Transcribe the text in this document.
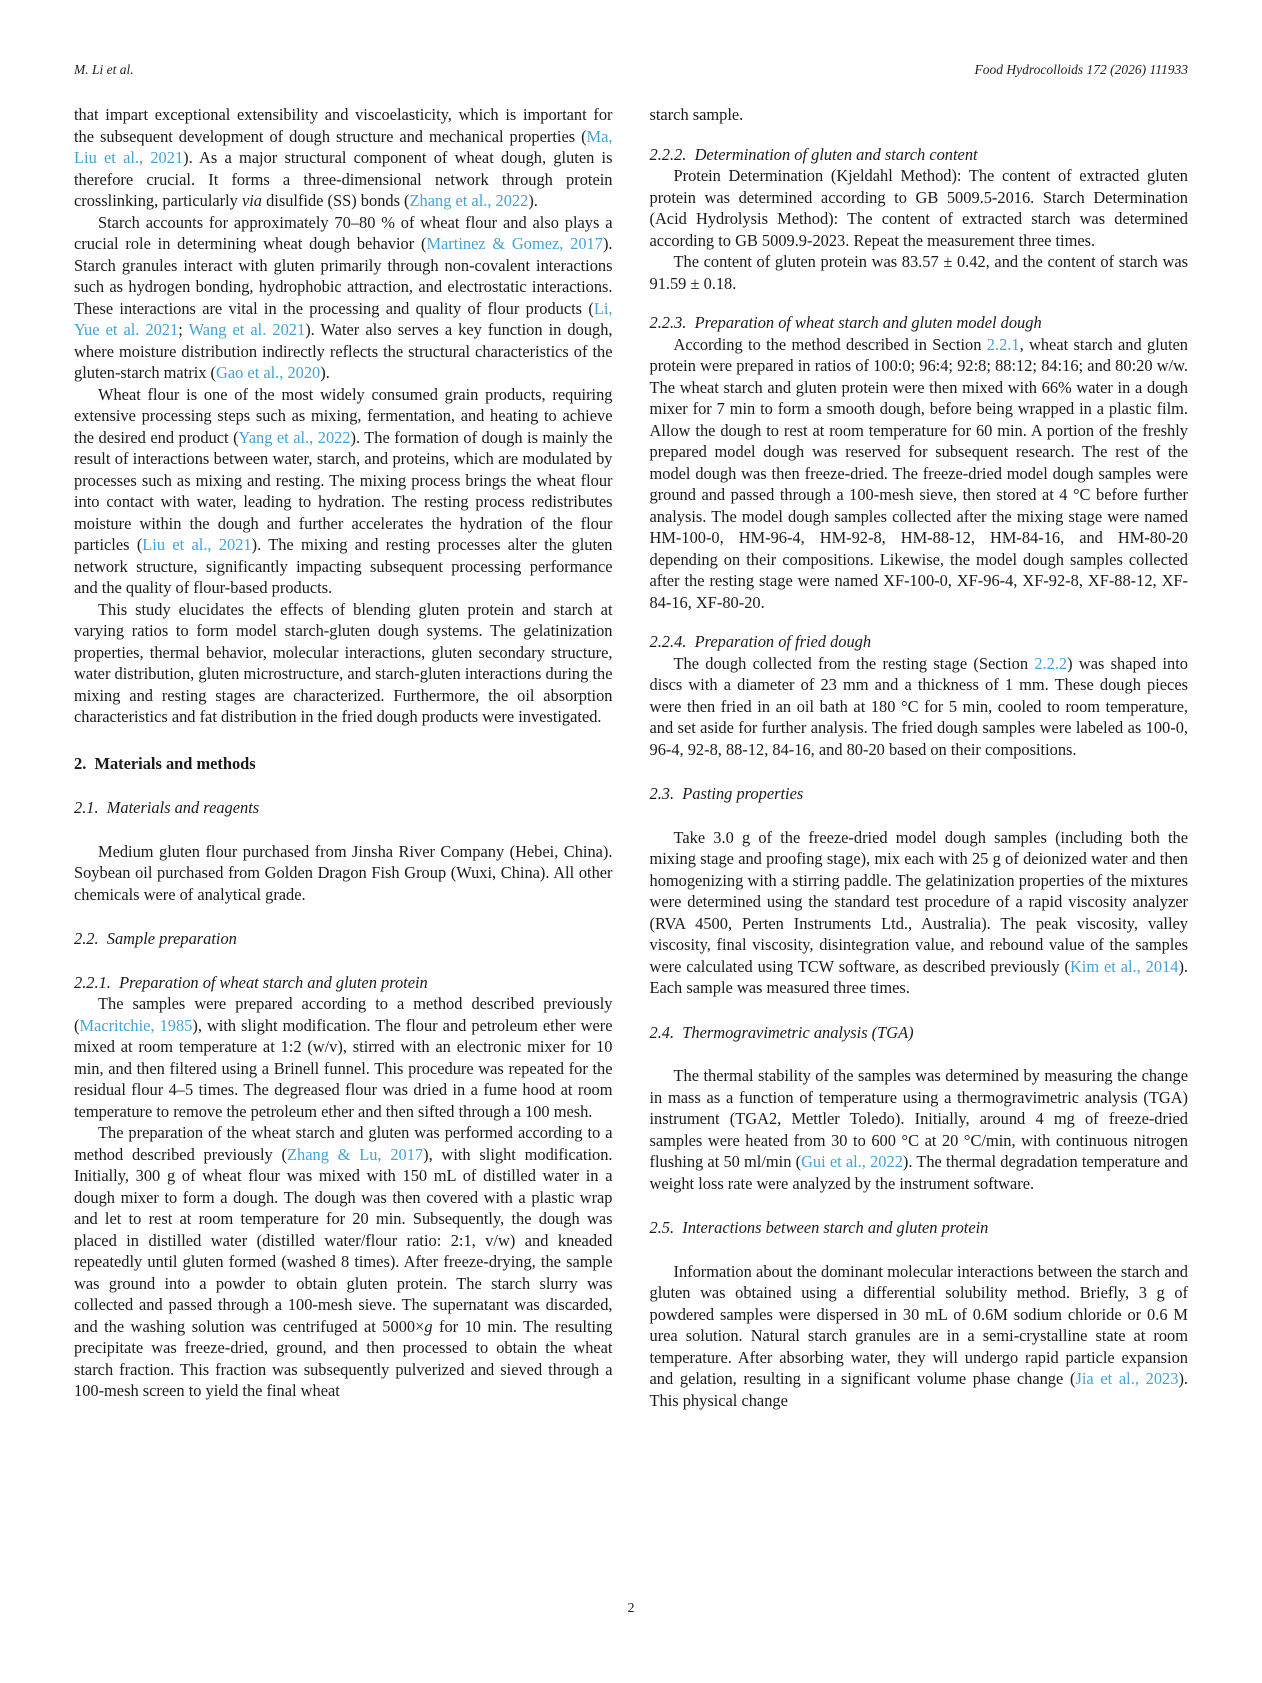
M. Li et al.	Food Hydrocolloids 172 (2026) 111933
that impart exceptional extensibility and viscoelasticity, which is important for the subsequent development of dough structure and mechanical properties (Ma, Liu et al., 2021). As a major structural component of wheat dough, gluten is therefore crucial. It forms a three-dimensional network through protein crosslinking, particularly via disulfide (SS) bonds (Zhang et al., 2022).
Starch accounts for approximately 70–80 % of wheat flour and also plays a crucial role in determining wheat dough behavior (Martinez & Gomez, 2017). Starch granules interact with gluten primarily through non-covalent interactions such as hydrogen bonding, hydrophobic attraction, and electrostatic interactions. These interactions are vital in the processing and quality of flour products (Li, Yue et al. 2021; Wang et al. 2021). Water also serves a key function in dough, where moisture distribution indirectly reflects the structural characteristics of the gluten-starch matrix (Gao et al., 2020).
Wheat flour is one of the most widely consumed grain products, requiring extensive processing steps such as mixing, fermentation, and heating to achieve the desired end product (Yang et al., 2022). The formation of dough is mainly the result of interactions between water, starch, and proteins, which are modulated by processes such as mixing and resting. The mixing process brings the wheat flour into contact with water, leading to hydration. The resting process redistributes moisture within the dough and further accelerates the hydration of the flour particles (Liu et al., 2021). The mixing and resting processes alter the gluten network structure, significantly impacting subsequent processing performance and the quality of flour-based products.
This study elucidates the effects of blending gluten protein and starch at varying ratios to form model starch-gluten dough systems. The gelatinization properties, thermal behavior, molecular interactions, gluten secondary structure, water distribution, gluten microstructure, and starch-gluten interactions during the mixing and resting stages are characterized. Furthermore, the oil absorption characteristics and fat distribution in the fried dough products were investigated.
2.  Materials and methods
2.1.  Materials and reagents
Medium gluten flour purchased from Jinsha River Company (Hebei, China). Soybean oil purchased from Golden Dragon Fish Group (Wuxi, China). All other chemicals were of analytical grade.
2.2.  Sample preparation
2.2.1.  Preparation of wheat starch and gluten protein
The samples were prepared according to a method described previously (Macritchie, 1985), with slight modification. The flour and petroleum ether were mixed at room temperature at 1:2 (w/v), stirred with an electronic mixer for 10 min, and then filtered using a Brinell funnel. This procedure was repeated for the residual flour 4–5 times. The degreased flour was dried in a fume hood at room temperature to remove the petroleum ether and then sifted through a 100 mesh.
The preparation of the wheat starch and gluten was performed according to a method described previously (Zhang & Lu, 2017), with slight modification. Initially, 300 g of wheat flour was mixed with 150 mL of distilled water in a dough mixer to form a dough. The dough was then covered with a plastic wrap and let to rest at room temperature for 20 min. Subsequently, the dough was placed in distilled water (distilled water/flour ratio: 2:1, v/w) and kneaded repeatedly until gluten formed (washed 8 times). After freeze-drying, the sample was ground into a powder to obtain gluten protein. The starch slurry was collected and passed through a 100-mesh sieve. The supernatant was discarded, and the washing solution was centrifuged at 5000×g for 10 min. The resulting precipitate was freeze-dried, ground, and then processed to obtain the wheat starch fraction. This fraction was subsequently pulverized and sieved through a 100-mesh screen to yield the final wheat
starch sample.
2.2.2.  Determination of gluten and starch content
Protein Determination (Kjeldahl Method): The content of extracted gluten protein was determined according to GB 5009.5-2016. Starch Determination (Acid Hydrolysis Method): The content of extracted starch was determined according to GB 5009.9-2023. Repeat the measurement three times.
The content of gluten protein was 83.57 ± 0.42, and the content of starch was 91.59 ± 0.18.
2.2.3.  Preparation of wheat starch and gluten model dough
According to the method described in Section 2.2.1, wheat starch and gluten protein were prepared in ratios of 100:0; 96:4; 92:8; 88:12; 84:16; and 80:20 w/w. The wheat starch and gluten protein were then mixed with 66% water in a dough mixer for 7 min to form a smooth dough, before being wrapped in a plastic film. Allow the dough to rest at room temperature for 60 min. A portion of the freshly prepared model dough was reserved for subsequent research. The rest of the model dough was then freeze-dried. The freeze-dried model dough samples were ground and passed through a 100-mesh sieve, then stored at 4 °C before further analysis. The model dough samples collected after the mixing stage were named HM-100-0, HM-96-4, HM-92-8, HM-88-12, HM-84-16, and HM-80-20 depending on their compositions. Likewise, the model dough samples collected after the resting stage were named XF-100-0, XF-96-4, XF-92-8, XF-88-12, XF-84-16, XF-80-20.
2.2.4.  Preparation of fried dough
The dough collected from the resting stage (Section 2.2.2) was shaped into discs with a diameter of 23 mm and a thickness of 1 mm. These dough pieces were then fried in an oil bath at 180 °C for 5 min, cooled to room temperature, and set aside for further analysis. The fried dough samples were labeled as 100-0, 96-4, 92-8, 88-12, 84-16, and 80-20 based on their compositions.
2.3.  Pasting properties
Take 3.0 g of the freeze-dried model dough samples (including both the mixing stage and proofing stage), mix each with 25 g of deionized water and then homogenizing with a stirring paddle. The gelatinization properties of the mixtures were determined using the standard test procedure of a rapid viscosity analyzer (RVA 4500, Perten Instruments Ltd., Australia). The peak viscosity, valley viscosity, final viscosity, disintegration value, and rebound value of the samples were calculated using TCW software, as described previously (Kim et al., 2014). Each sample was measured three times.
2.4.  Thermogravimetric analysis (TGA)
The thermal stability of the samples was determined by measuring the change in mass as a function of temperature using a thermogravimetric analysis (TGA) instrument (TGA2, Mettler Toledo). Initially, around 4 mg of freeze-dried samples were heated from 30 to 600 °C at 20 °C/min, with continuous nitrogen flushing at 50 ml/min (Gui et al., 2022). The thermal degradation temperature and weight loss rate were analyzed by the instrument software.
2.5.  Interactions between starch and gluten protein
Information about the dominant molecular interactions between the starch and gluten was obtained using a differential solubility method. Briefly, 3 g of powdered samples were dispersed in 30 mL of 0.6M sodium chloride or 0.6 M urea solution. Natural starch granules are in a semi-crystalline state at room temperature. After absorbing water, they will undergo rapid particle expansion and gelation, resulting in a significant volume phase change (Jia et al., 2023). This physical change
2
